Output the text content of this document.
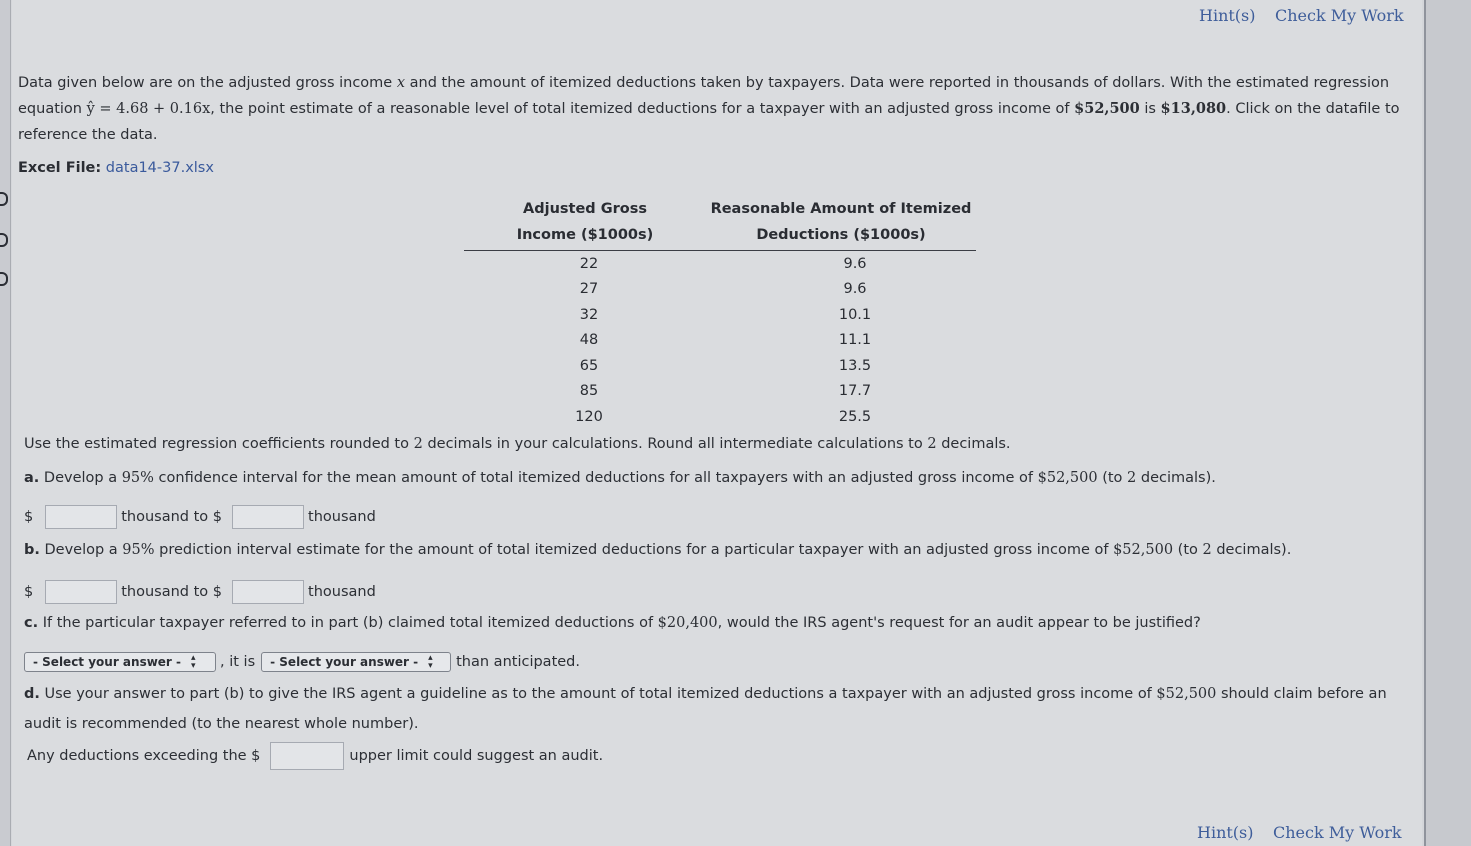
Hint(s) Check My Work
Data given below are on the adjusted gross income x and the amount of itemized deductions taken by taxpayers. Data were reported in thousands of dollars. With the estimated regression equation ŷ = 4.68 + 0.16x, the point estimate of a reasonable level of total itemized deductions for a taxpayer with an adjusted gross income of $52,500 is $13,080. Click on the datafile to reference the data.
Excel File: data14-37.xlsx
Adjusted Gross
Income ($1000s)
Reasonable Amount of Itemized
Deductions ($1000s)
22	9.6
27	9.6
32	10.1
48	11.1
65	13.5
85	17.7
120	25.5
Use the estimated regression coefficients rounded to 2 decimals in your calculations. Round all intermediate calculations to 2 decimals.
a. Develop a 95% confidence interval for the mean amount of total itemized deductions for all taxpayers with an adjusted gross income of $52,500 (to 2 decimals).
$	thousand to $	thousand
b. Develop a 95% prediction interval estimate for the amount of total itemized deductions for a particular taxpayer with an adjusted gross income of $52,500 (to 2 decimals).
$	thousand to $	thousand
c. If the particular taxpayer referred to in part (b) claimed total itemized deductions of $20,400, would the IRS agent's request for an audit appear to be justified?
- Select your answer - ▴
▾ , it is - Select your answer - ▴
▾ than anticipated.
d. Use your answer to part (b) to give the IRS agent a guideline as to the amount of total itemized deductions a taxpayer with an adjusted gross income of $52,500 should claim before an
audit is recommended (to the nearest whole number).
Any deductions exceeding the $	upper limit could suggest an audit.
Hint(s) Check My Work
